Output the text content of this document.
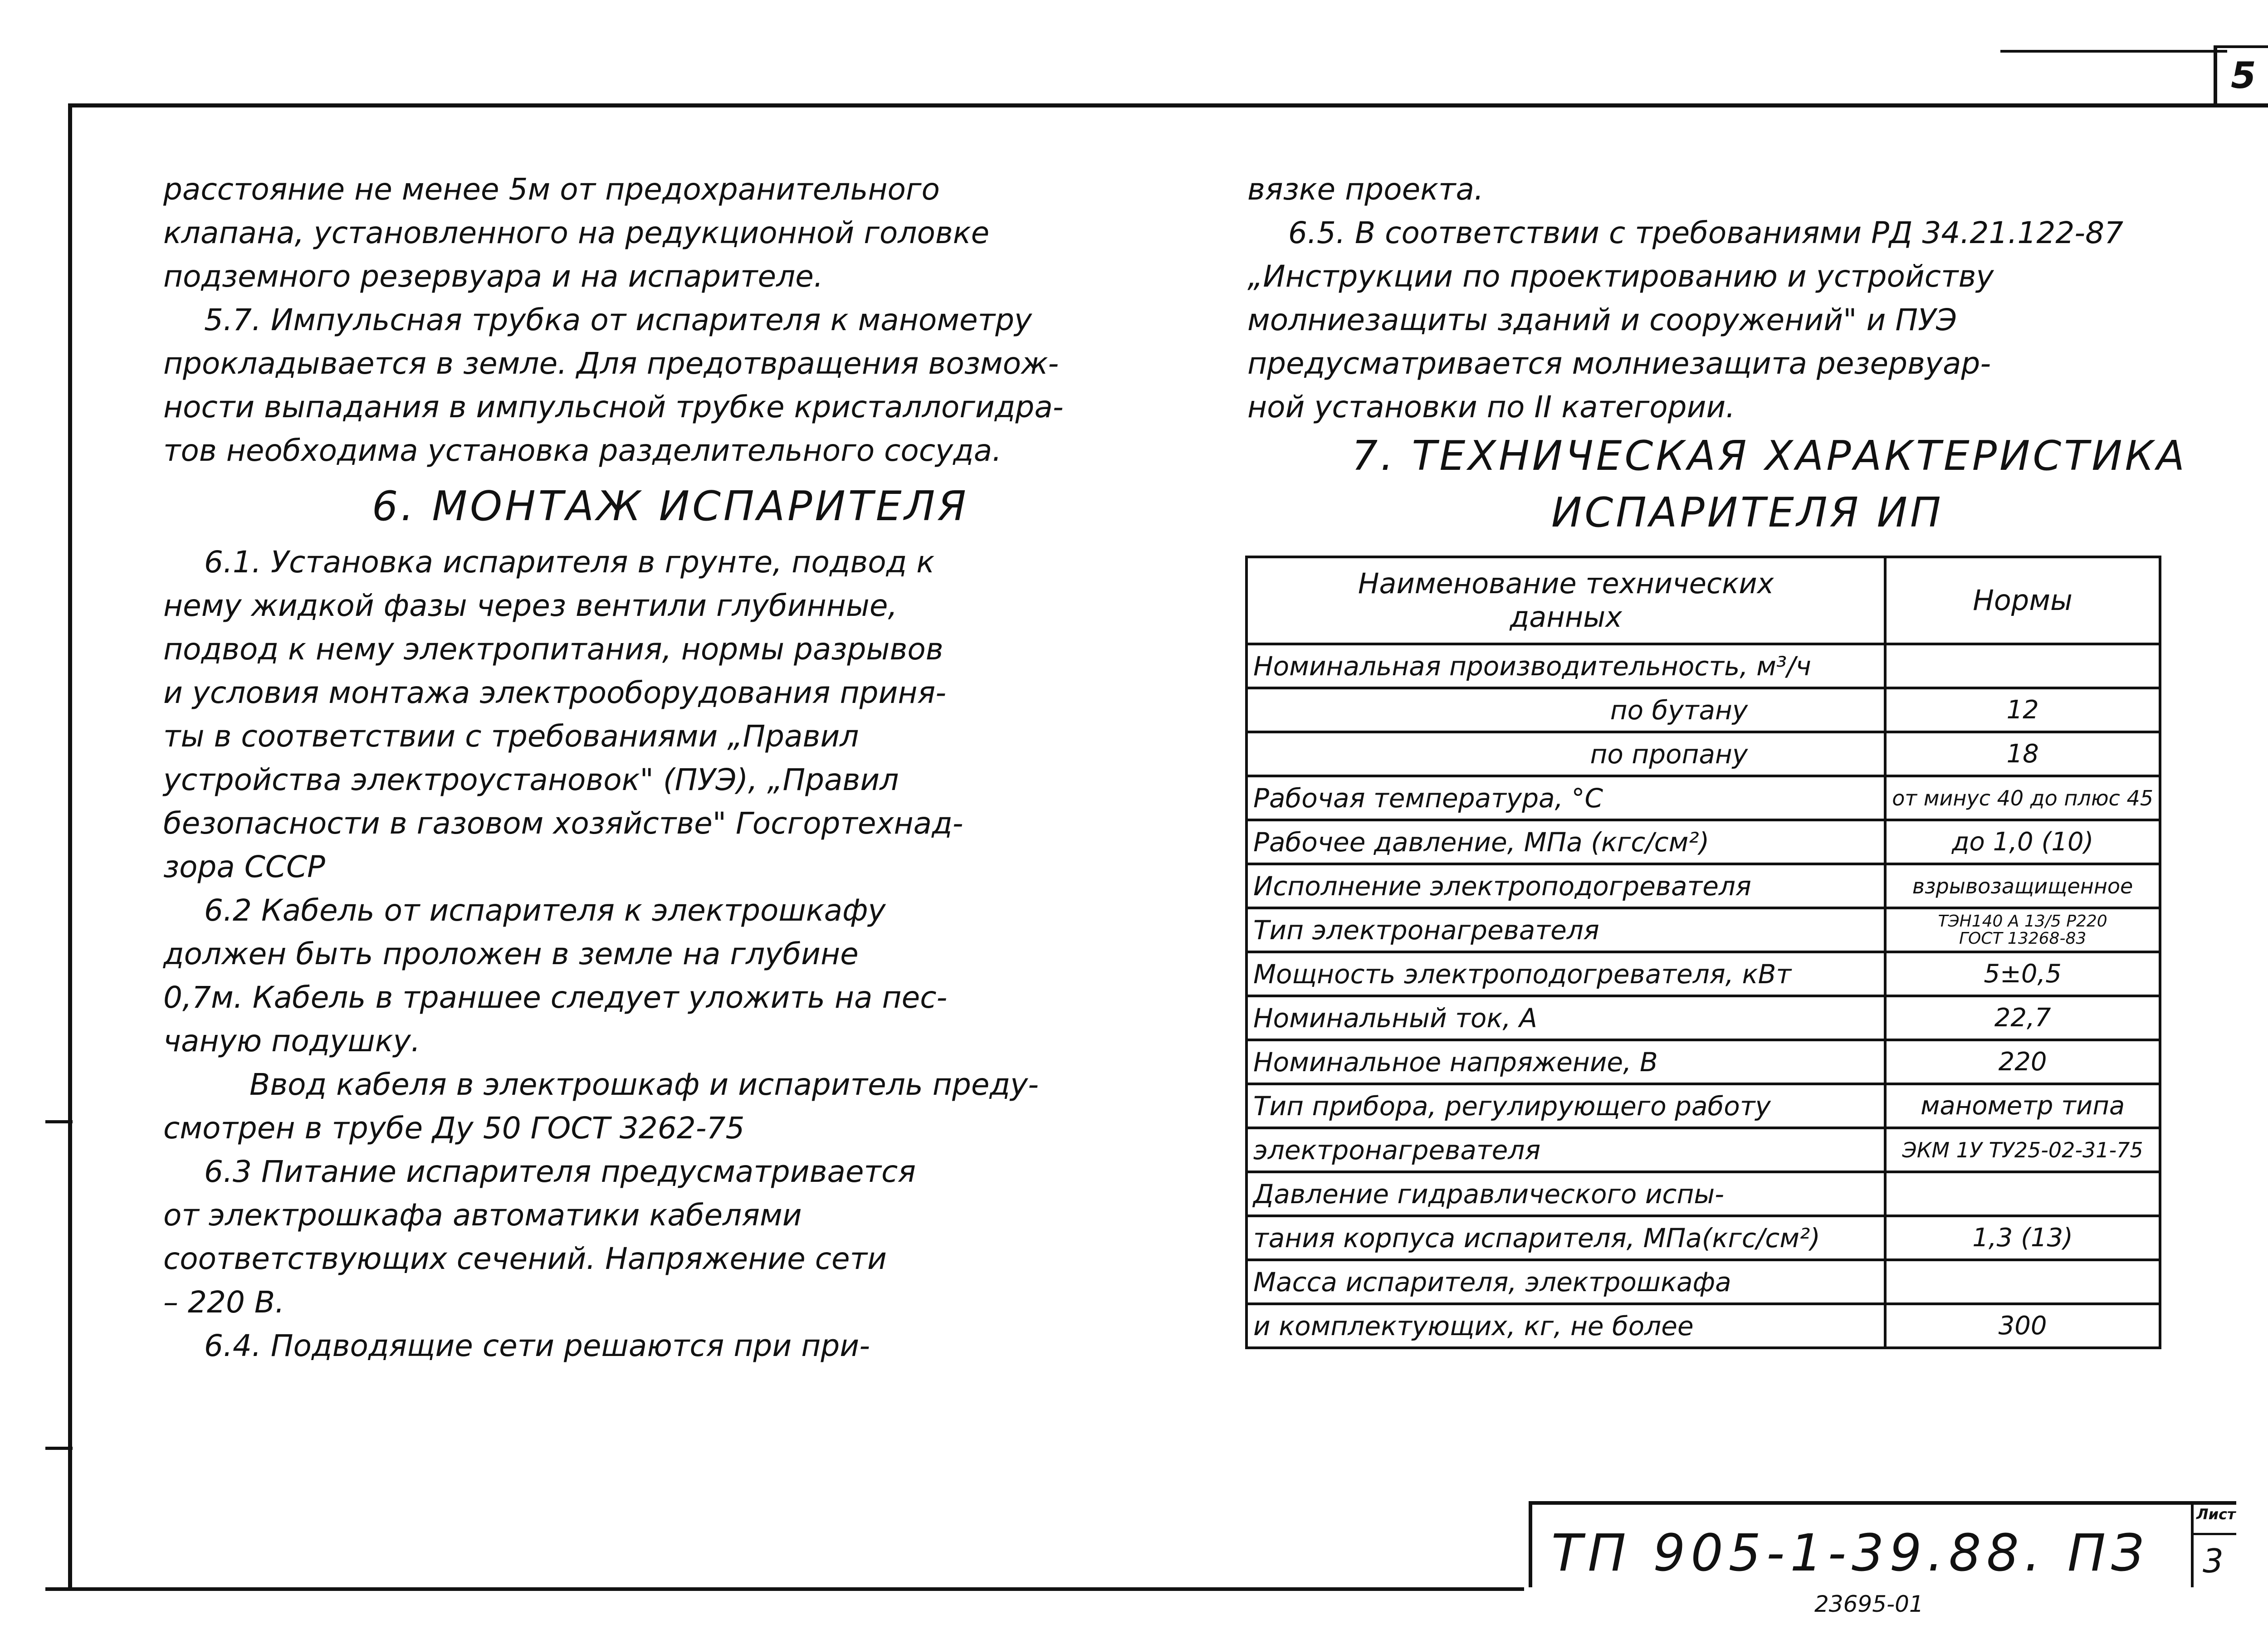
5

расстояние не менее 5м от предохранительного

клапана, установленного на редукционной головке

подземного резервуара и на испарителе.

5.7. Импульсная трубка от испарителя к манометру

прокладывается в земле. Для предотвращения возмож-

ности выпадания в импульсной трубке кристаллогидра-

тов необходима установка разделительного сосуда.

6. МОНТАЖ ИСПАРИТЕЛЯ

6.1. Установка испарителя в грунте, подвод к

нему жидкой фазы через вентили глубинные,

подвод к нему электропитания, нормы разрывов

и условия монтажа электрооборудования приня-

ты в соответствии с требованиями „Правил

устройства электроустановок" (ПУЭ), „Правил

безопасности в газовом хозяйстве" Госгортехнад-

зора СССР

6.2 Кабель от испарителя к электрошкафу

должен быть проложен в земле на глубине

0,7м. Кабель в траншее следует уложить на пес-

чаную подушку.

Ввод кабеля в электрошкаф и испаритель преду-

смотрен в трубе Ду 50 ГОСТ 3262-75

6.3 Питание испарителя предусматривается

от электрошкафа автоматики кабелями

соответствующих сечений. Напряжение сети

– 220 В.

6.4. Подводящие сети решаются при при-

вязке проекта.

6.5. В соответствии с требованиями РД 34.21.122-87

„Инструкции по проектированию и устройству

молниезащиты зданий и сооружений" и ПУЭ

предусматривается молниезащита резервуар-

ной установки по II категории.

7. ТЕХНИЧЕСКАЯ ХАРАКТЕРИСТИКА

ИСПАРИТЕЛЯ ИП

Наименование технических
данных	Нормы
Номинальная производительность, м³/ч	
по бутану	12
по пропану	18
Рабочая температура, °С	от минус 40 до плюс 45
Рабочее давление, МПа (кгс/см²)	до 1,0 (10)
Исполнение электроподогревателя	взрывозащищенное
Тип электронагревателя	ТЭН140 А 13/5 Р220
ГОСТ 13268-83
Мощность электроподогревателя, кВт	5±0,5
Номинальный ток, А	22,7
Номинальное напряжение, В	220
Тип прибора, регулирующего работу	манометр типа
электронагревателя	ЭКМ 1У ТУ25-02-31-75
Давление гидравлического испы-	
тания корпуса испарителя, МПа(кгс/см²)	1,3 (13)
Масса испарителя, электрошкафа	
и комплектующих, кг, не более	300
ТП 905-1-39.88. ПЗ
Лист
3
23695-01
